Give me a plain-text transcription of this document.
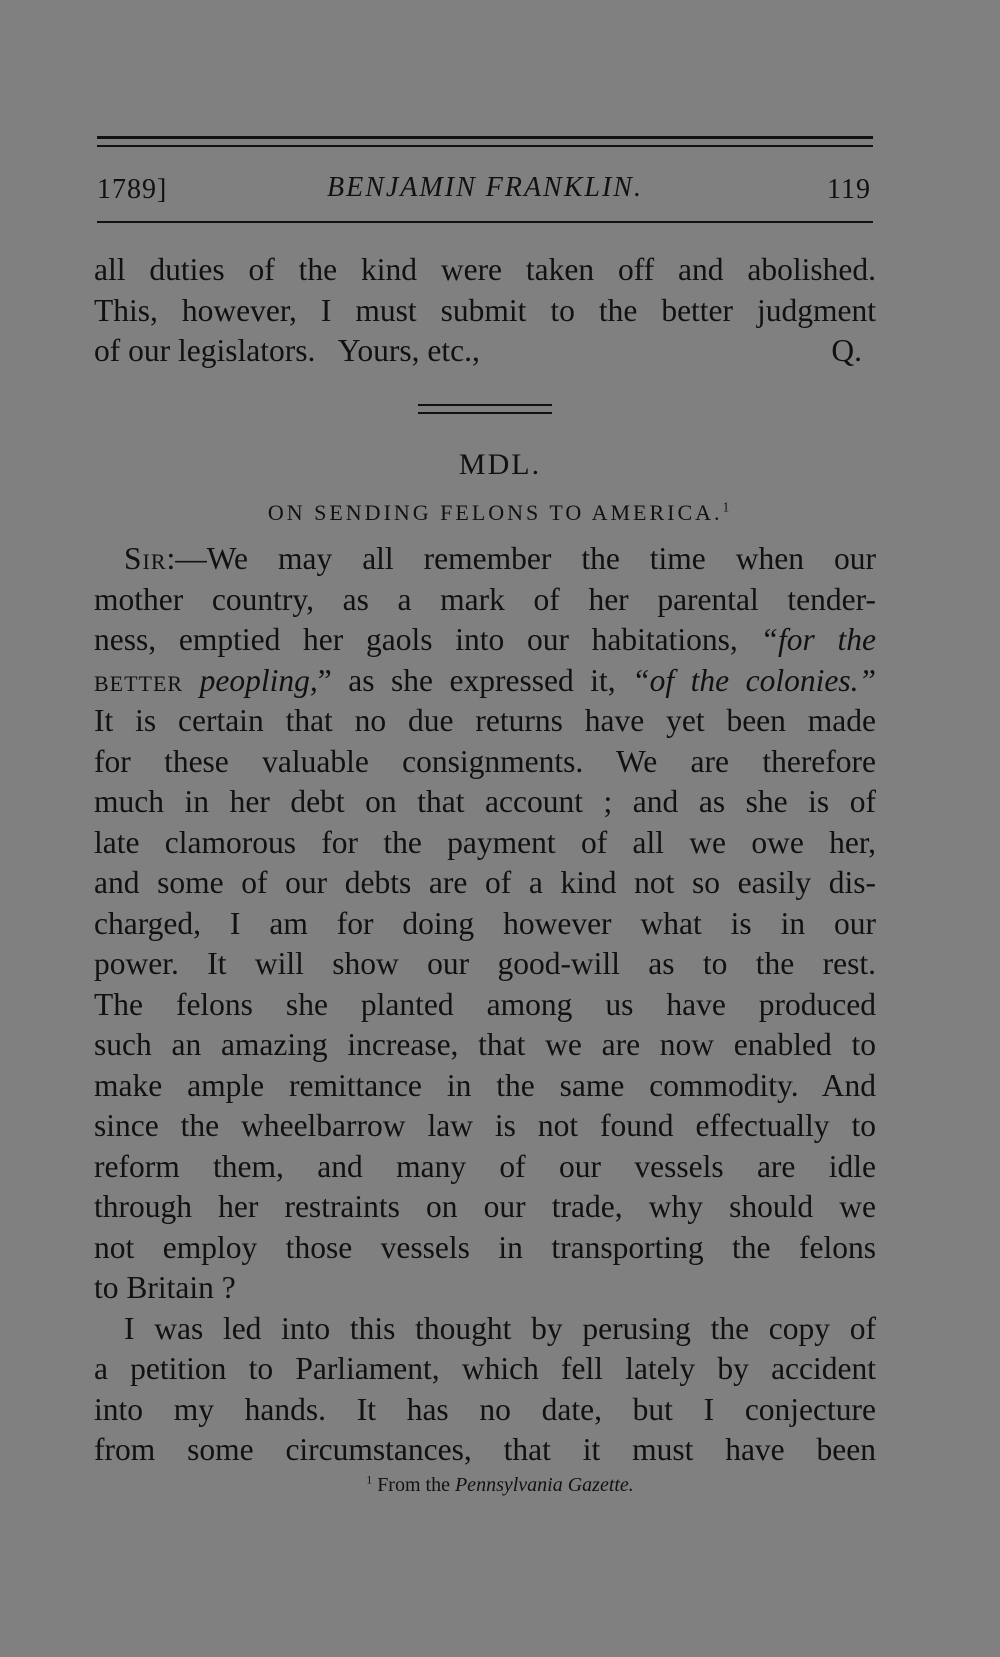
1789]	BENJAMIN FRANKLIN.	119
all duties of the kind were taken off and abolished.
This, however, I must submit to the better judgment
of our legislators.   Yours, etc.,	Q.
MDL.
ON SENDING FELONS TO AMERICA.$^1$
Sir:—We may all remember the time when our
mother country, as a mark of her parental tender-
ness, emptied her gaols into our habitations, “for the
better peopling,” as she expressed it, “of the colonies.”
It is certain that no due returns have yet been made
for these valuable consignments. We are therefore
much in her debt on that account ; and as she is of
late clamorous for the payment of all we owe her,
and some of our debts are of a kind not so easily dis-
charged, I am for doing however what is in our
power. It will show our good-will as to the rest.
The felons she planted among us have produced
such an amazing increase, that we are now enabled to
make ample remittance in the same commodity. And
since the wheelbarrow law is not found effectually to
reform them, and many of our vessels are idle
through her restraints on our trade, why should we
not employ those vessels in transporting the felons
to Britain ?
I was led into this thought by perusing the copy of
a petition to Parliament, which fell lately by accident
into my hands. It has no date, but I conjecture
from some circumstances, that it must have been
$^1$ From the Pennsylvania Gazette.
